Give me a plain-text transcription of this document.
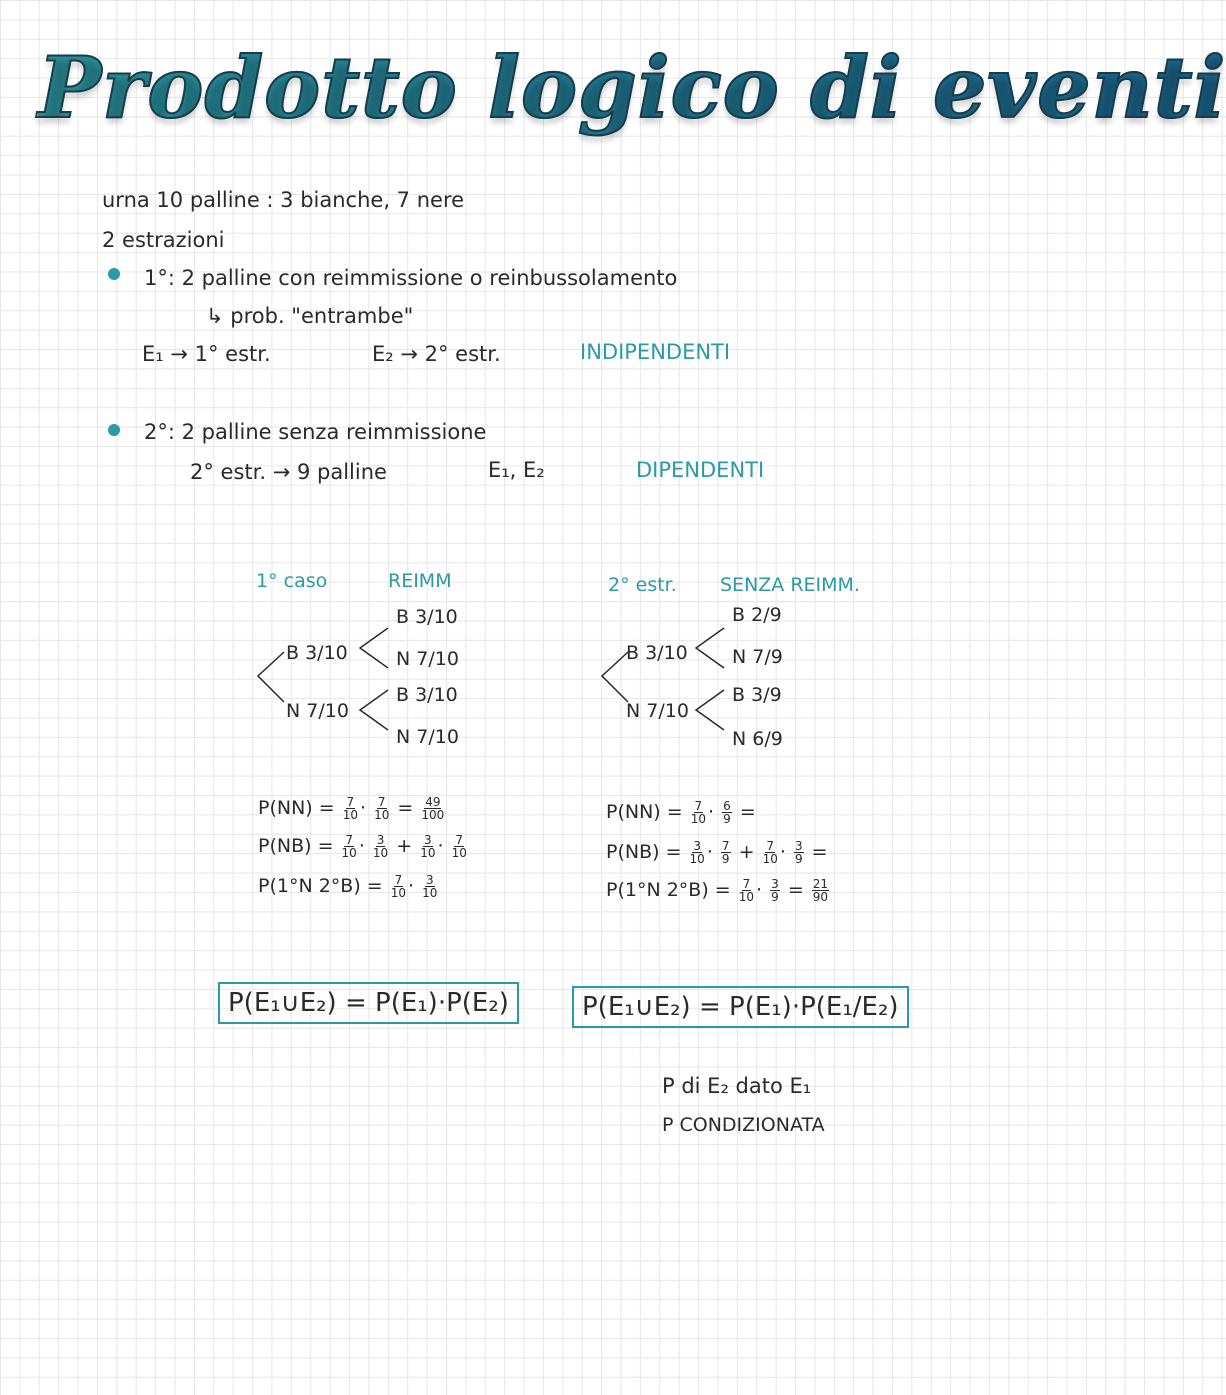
Prodotto logico di eventi
urna 10 palline : 3 bianche, 7 nere
2 estrazioni
1°: 2 palline con reimmissione o reinbussolamento
↳ prob. "entrambe"
E₁ → 1° estr.	E₂ → 2° estr.	INDIPENDENTI
2°: 2 palline senza reimmissione
2° estr. → 9 palline	E₁, E₂	DIPENDENTI
1° caso	REIMM
B 3/10
B 3/10	N 7/10
B 3/10
N 7/10
N 7/10
2° estr. SENZA REIMM.
B 2/9
B 3/10 N 7/9
B 3/9
N 7/10
N 6/9
$P(NN) = \frac{7}{10} \cdot \frac{7}{10} = \frac{49}{100}$
$P(NB) = \frac{7}{10} \cdot \frac{3}{10} + \frac{3}{10} \cdot \frac{7}{10}$
P(1°N $2^\circ B) = \frac{7}{10} \cdot \frac{3}{10}$
$P(NN) = \frac{7}{10} \cdot \frac{6}{9}$ =
$P(NB) = \frac{3}{10} \cdot \frac{7}{9} + \frac{7}{10} \cdot \frac{3}{9}$ =
P(1°N $2^\circ B) = \frac{7}{10} \cdot \frac{3}{9} = \frac{21}{90}$
P(E₁∪E₂) = P(E₁)·P(E₂)	P(E₁∪E₂) = P(E₁)·P(E₁/E₂)
P di E₂ dato E₁
P CONDIZIONATA
